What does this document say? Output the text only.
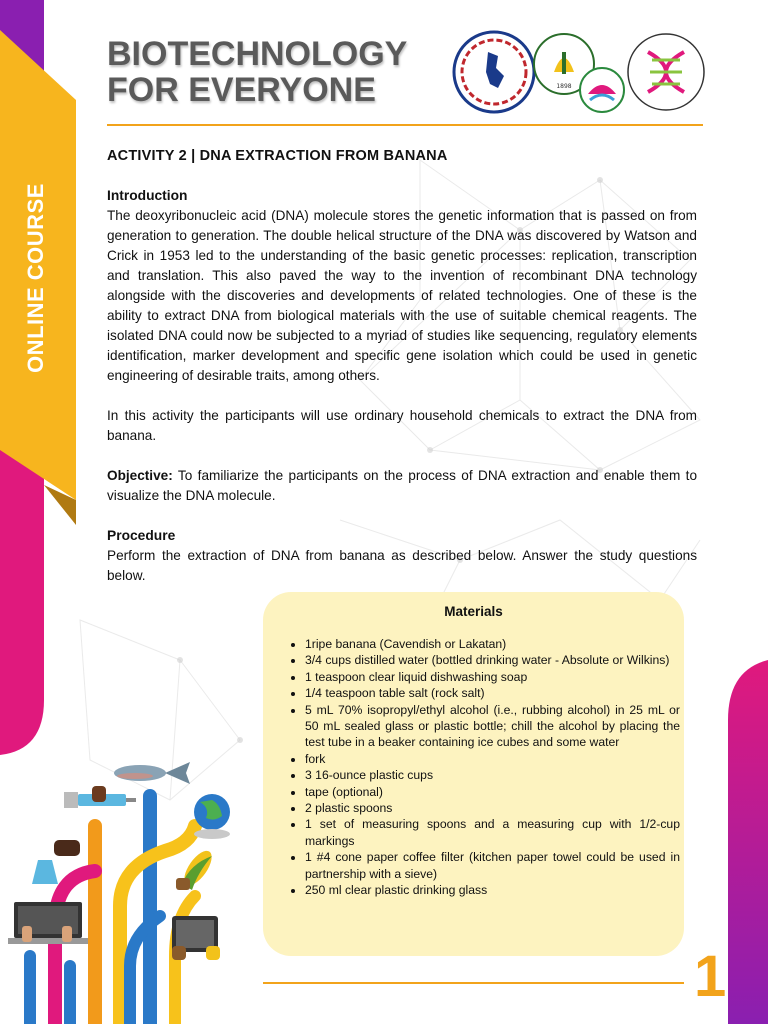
ONLINE COURSE
BIOTECHNOLOGY
FOR EVERYONE	1898
ACTIVITY 2 | DNA EXTRACTION FROM BANANA
Introduction

The deoxyribonucleic acid (DNA) molecule stores the genetic information that is passed on from generation to generation. The double helical structure of the DNA was discovered by Watson and Crick in 1953 led to the understanding of the basic genetic processes: replication, transcription and translation. This also paved the way to the invention of recombinant DNA technology alongside with the discoveries and developments of related technologies. One of these is the ability to extract DNA from biological materials with the use of suitable chemical reagents. The isolated DNA could now be subjected to a myriad of studies like sequencing, regulatory elements identification, marker development and specific gene isolation which could be used in genetic engineering of desirable traits, among others.

In this activity the participants will use ordinary household chemicals to extract the DNA from banana.

Objective: To familiarize the participants on the process of DNA extraction and enable them to visualize the DNA molecule.

Procedure

Perform the extraction of DNA from banana as described below. Answer the study questions below.

Materials
• 1ripe banana (Cavendish or Lakatan)
• 3/4 cups distilled water (bottled drinking water - Absolute or Wilkins)
• 1 teaspoon clear liquid dishwashing soap
• 1/4 teaspoon table salt (rock salt)
• 5 mL 70% isopropyl/ethyl alcohol (i.e., rubbing alcohol) in 25 mL or 50 mL sealed glass or plastic bottle; chill the alcohol by placing the test tube in a beaker containing ice cubes and some water
• fork
• 3 16-ounce plastic cups
• tape (optional)
• 2 plastic spoons
• 1 set of measuring spoons and a measuring cup with 1/2-cup markings
• 1 #4 cone paper coffee filter (kitchen paper towel could be used in partnership with a sieve)
• 250 ml clear plastic drinking glass
1
